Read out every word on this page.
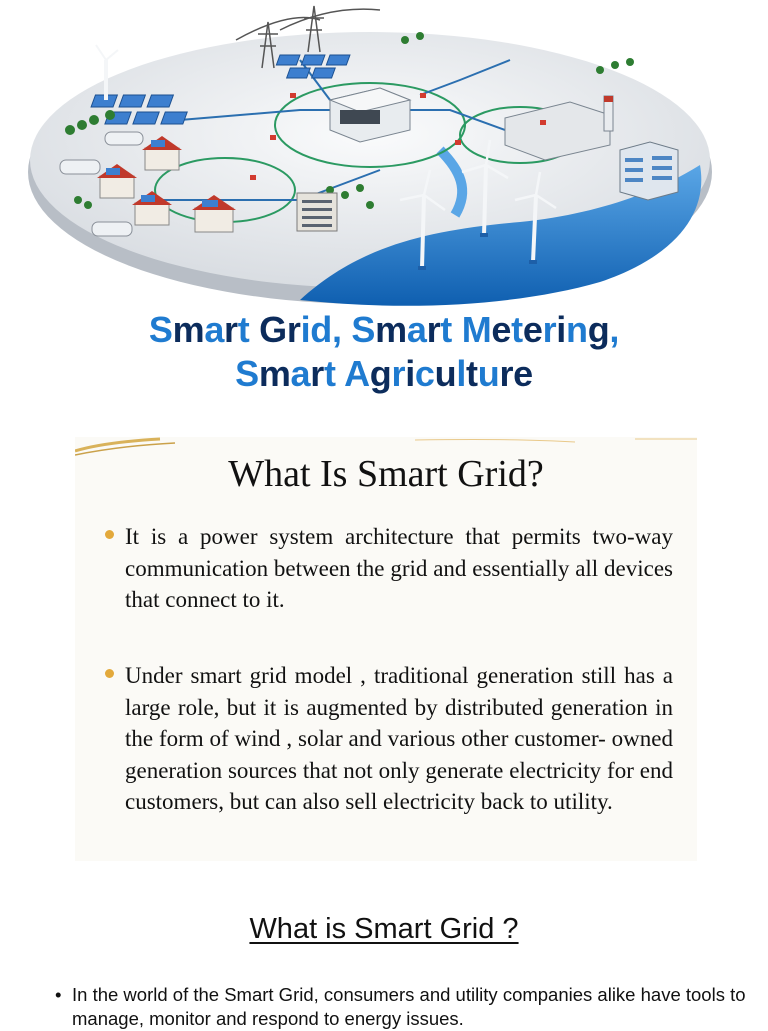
Smart Grid, Smart Metering,
Smart Agriculture
What Is Smart Grid?
It is a power system architecture that permits two-way communication between the grid and essentially all devices that connect to it.
Under smart grid model , traditional generation still has a large role, but it is augmented by distributed generation in the form of wind , solar and various other customer- owned generation sources that not only generate electricity for end customers, but can also sell electricity back to utility.
What is Smart Grid ?
• In the world of the Smart Grid, consumers and utility companies alike have tools to manage, monitor and respond to energy issues.
